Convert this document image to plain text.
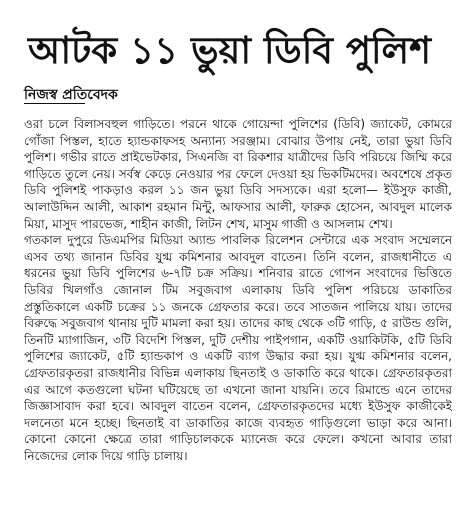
আটক ১১ ভুয়া ডিবি পুলিশ
নিজস্ব প্রতিবেদক

ওরা চলে বিলাসবহুল গাড়িতে। পরনে থাকে গোয়েন্দা পুলিশের (ডিবি) জ্যাকেট, কোমরে গোঁজা পিস্তল, হাতে হ্যান্ডকাফসহ অন্যান্য সরঞ্জাম। বোঝার উপায় নেই, তারা ভুয়া ডিবি পুলিশ। গভীর রাতে প্রাইভেটকার, সিএনজি বা রিকশার যাত্রীদের ডিবি পরিচয়ে জিম্মি করে গাড়িতে তুলে নেয়। সর্বস্ব কেড়ে নেওয়ার পর ফেলে দেওয়া হয় ভিকটিমদের। অবশেষে প্রকৃত ডিবি পুলিশই পাকড়াও করল ১১ জন ভুয়া ডিবি সদস্যকে। এরা হলো— ইউসুফ কাজী, আলাউদ্দিন আলী, আকাশ রহমান মিন্টু, আফসার আলী, ফারুক হোসেন, আবদুল মালেক মিয়া, মাসুদ পারভেজ, শাহীন কাজী, লিটন শেখ, মাসুম গাজী ও আসলাম শেখ।

গতকাল দুপুরে ডিএমপির মিডিয়া অ্যান্ড পাবলিক রিলেশন সেন্টারে এক সংবাদ সম্মেলনে এসব তথ্য জানান ডিবির যুগ্ম কমিশনার আবদুল বাতেন। তিনি বলেন, রাজধানীতে এ ধরনের ভুয়া ডিবি পুলিশের ৬-৭টি চক্র সক্রিয়। শনিবার রাতে গোপন সংবাদের ভিত্তিতে ডিবির খিলগাঁও জোনাল টিম সবুজবাগ এলাকায় ডিবি পুলিশ পরিচয়ে ডাকাতির প্রস্তুতিকালে একটি চক্রের ১১ জনকে গ্রেফতার করে। তবে সাতজন পালিয়ে যায়। তাদের বিরুদ্ধে সবুজবাগ থানায় দুটি মামলা করা হয়। তাদের কাছ থেকে ৩টি গাড়ি, ৫ রাউন্ড গুলি, তিনটি ম্যাগাজিন, ৩টি বিদেশি পিস্তল, দুটি দেশীয় পাইপগান, একটি ওয়াকিটকি, ৫টি ডিবি পুলিশের জ্যাকেট, ৫টি হ্যান্ডকাপ ও একটি ব্যাগ উদ্ধার করা হয়। যুগ্ম কমিশনার বলেন, গ্রেফতারকৃতরা রাজধানীর বিভিন্ন এলাকায় ছিনতাই ও ডাকাতি করে থাকে। গ্রেফতারকৃতরা এর আগে কতগুলো ঘটনা ঘটিয়েছে তা এখনো জানা যায়নি। তবে রিমান্ডে এনে তাদের জিজ্ঞাসাবাদ করা হবে। আবদুল বাতেন বলেন, গ্রেফতারকৃতদের মধ্যে ইউসুফ কাজীকেই দলনেতা মনে হচ্ছে। ছিনতাই বা ডাকাতির কাজে ব্যবহৃত গাড়িগুলো ভাড়া করে আনা। কোনো কোনো ক্ষেত্রে তারা গাড়িচালককে ম্যানেজ করে ফেলে। কখনো আবার তারা নিজেদের লোক দিয়ে গাড়ি চালায়।
